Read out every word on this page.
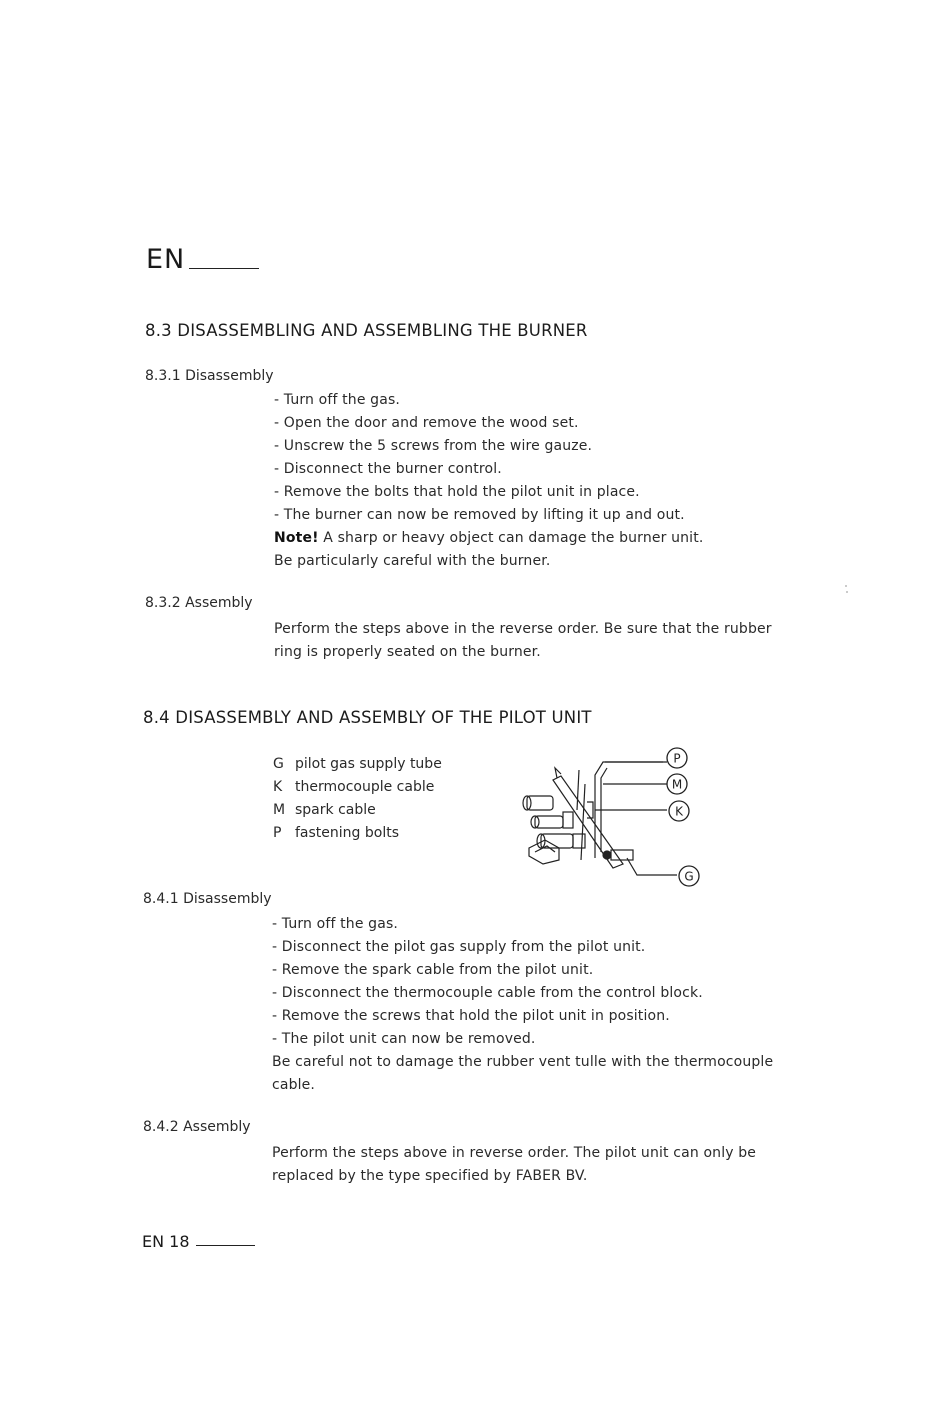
EN
8.3 DISASSEMBLING AND ASSEMBLING THE BURNER
8.3.1 Disassembly
- Turn off the gas.
- Open the door and remove the wood set.
- Unscrew the 5 screws from the wire gauze.
- Disconnect the burner control.
- Remove the bolts that hold the pilot unit in place.
- The burner can now be removed by lifting it up and out.
Note! A sharp or heavy object can damage the burner unit.
Be particularly careful with the burner.
8.3.2 Assembly
Perform the steps above in the reverse order. Be sure that the rubber
ring is properly seated on the burner.
8.4 DISASSEMBLY AND ASSEMBLY OF THE PILOT UNIT
G pilot gas supply tube
K thermocouple cable
M spark cable
P fastening bolts
P
M
K
G
8.4.1 Disassembly
- Turn off the gas.
- Disconnect the pilot gas supply from the pilot unit.
- Remove the spark cable from the pilot unit.
- Disconnect the thermocouple cable from the control block.
- Remove the screws that hold the pilot unit in position.
- The pilot unit can now be removed.
Be careful not to damage the rubber vent tulle with the thermocouple
cable.
8.4.2 Assembly
Perform the steps above in reverse order. The pilot unit can only be
replaced by the type specified by FABER BV.
EN 18
